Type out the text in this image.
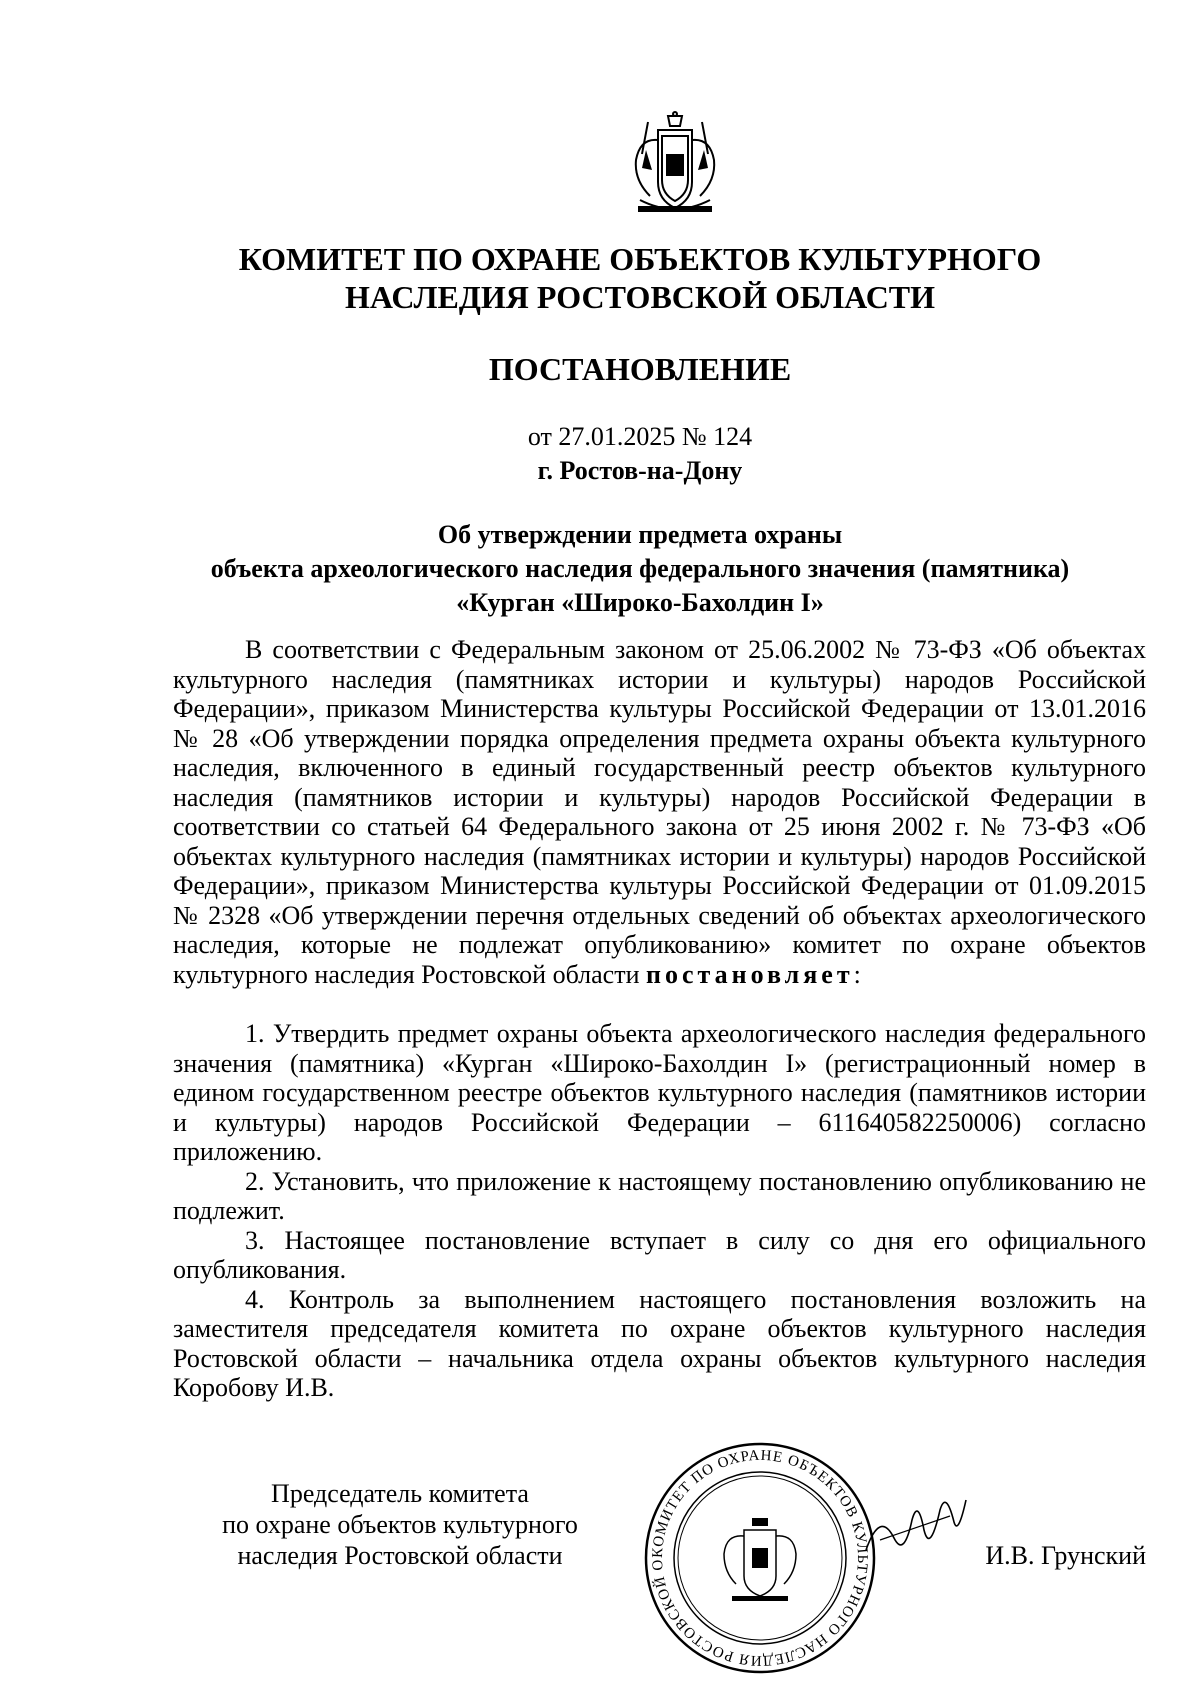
КОМИТЕТ ПО ОХРАНЕ ОБЪЕКТОВ КУЛЬТУРНОГО
НАСЛЕДИЯ РОСТОВСКОЙ ОБЛАСТИ
ПОСТАНОВЛЕНИЕ
от 27.01.2025 № 124
г. Ростов-на-Дону
Об утверждении предмета охраны
объекта археологического наследия федерального значения (памятника)
«Курган «Широко-Бахолдин I»

В соответствии с Федеральным законом от 25.06.2002 № 73-ФЗ «Об объектах культурного наследия (памятниках истории и культуры) народов Российской Федерации», приказом Министерства культуры Российской Федерации от 13.01.2016 № 28 «Об утверждении порядка определения предмета охраны объекта культурного наследия, включенного в единый государственный реестр объектов культурного наследия (памятников истории и культуры) народов Российской Федерации в соответствии со статьей 64 Федерального закона от 25 июня 2002 г. № 73-ФЗ «Об объектах культурного наследия (памятниках истории и культуры) народов Российской Федерации», приказом Министерства культуры Российской Федерации от 01.09.2015 № 2328 «Об утверждении перечня отдельных сведений об объектах археологического наследия, которые не подлежат опубликованию» комитет по охране объектов культурного наследия Ростовской области постановляет:

1. Утвердить предмет охраны объекта археологического наследия федерального значения (памятника) «Курган «Широко-Бахолдин I» (регистрационный номер в едином государственном реестре объектов культурного наследия (памятников истории и культуры) народов Российской Федерации – 611640582250006) согласно приложению.

2. Установить, что приложение к настоящему постановлению опубликованию не подлежит.

3. Настоящее постановление вступает в силу со дня его официального опубликования.

4. Контроль за выполнением настоящего постановления возложить на заместителя председателя комитета по охране объектов культурного наследия Ростовской области – начальника отдела охраны объектов культурного наследия Коробову И.В.

Председатель комитета
по охране объектов культурного
наследия Ростовской области	КОМИТЕТ ПО ОХРАНЕ ОБЪЕКТОВ КУЛЬТУРНОГО НАСЛЕДИЯ РОСТОВСКОЙ О	И.В. Грунский
